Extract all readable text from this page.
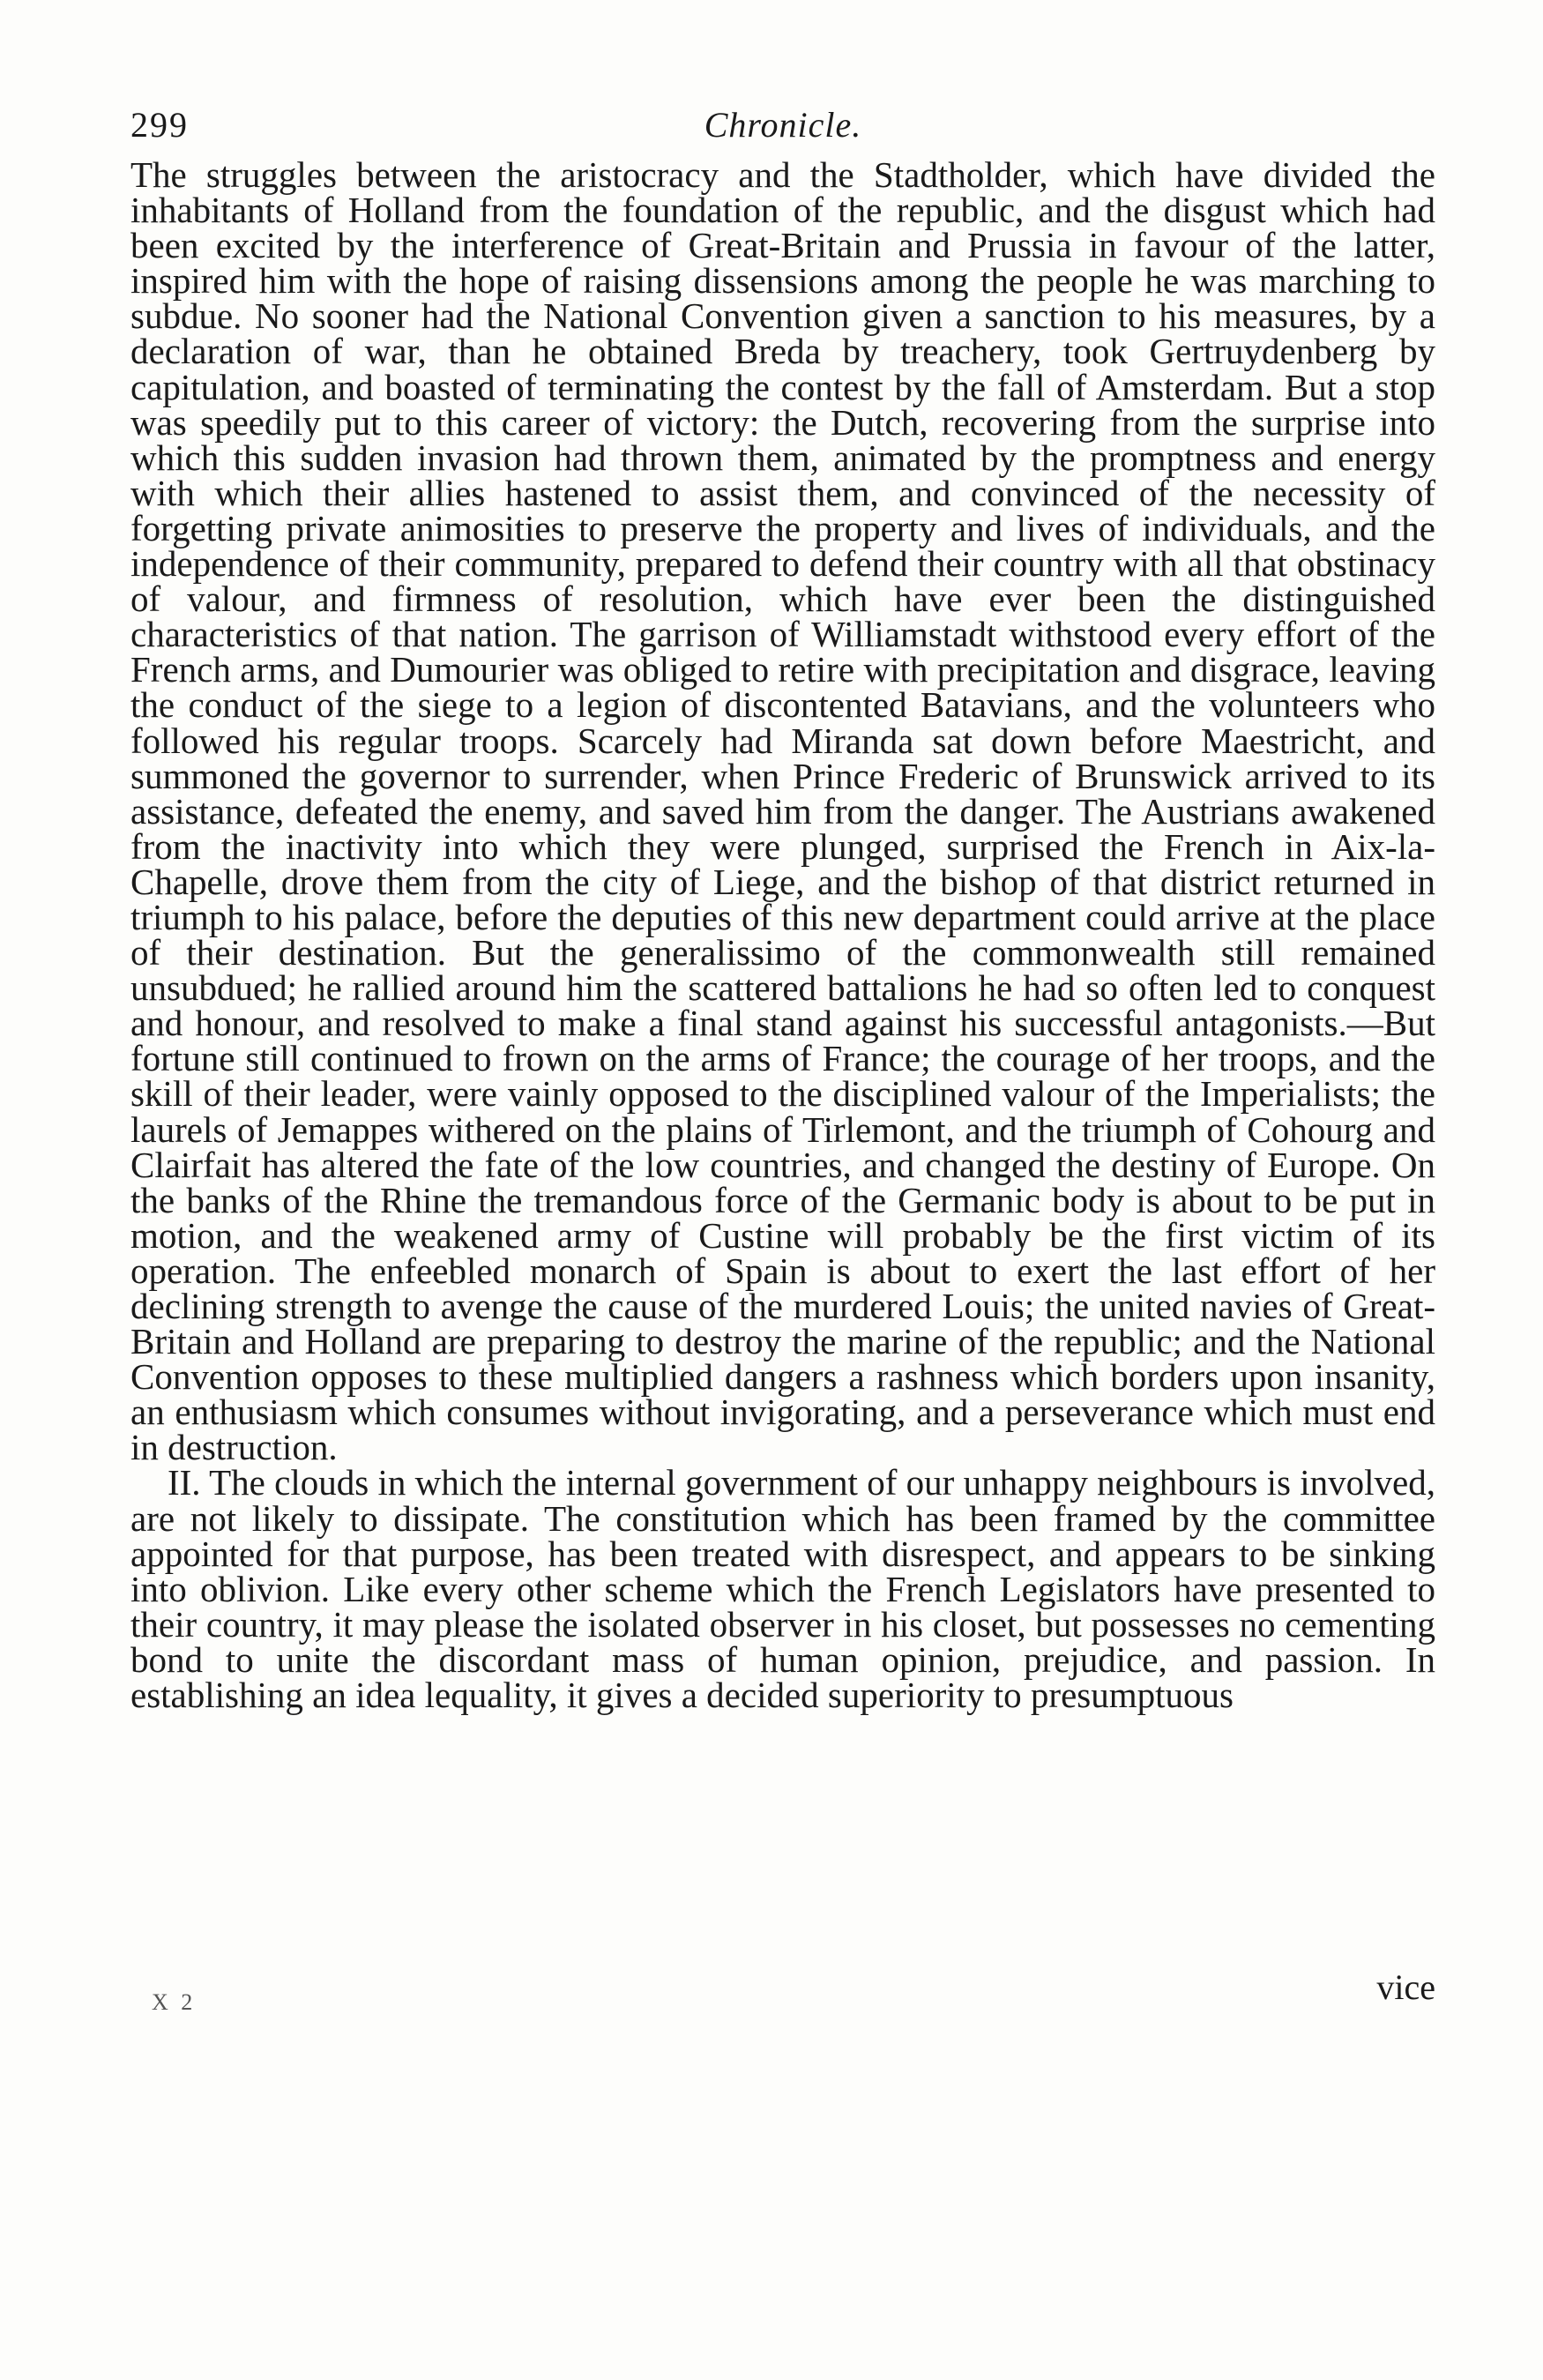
299	Chronicle.

The struggles between the aristocracy and the Stadtholder, which have divided the inhabitants of Holland from the foundation of the republic, and the disgust which had been excited by the interference of Great-Britain and Prussia in favour of the latter, inspired him with the hope of raising dissensions among the people he was marching to subdue. No sooner had the National Convention given a sanction to his measures, by a declaration of war, than he obtained Breda by treachery, took Gertruydenberg by capitulation, and boasted of terminating the contest by the fall of Amsterdam. But a stop was speedily put to this career of victory: the Dutch, recovering from the surprise into which this sudden invasion had thrown them, animated by the promptness and energy with which their allies hastened to assist them, and convinced of the necessity of forgetting private animosities to preserve the property and lives of individuals, and the independence of their community, prepared to defend their country with all that obstinacy of valour, and firmness of resolution, which have ever been the distinguished characteristics of that nation. The garrison of Williamstadt withstood every effort of the French arms, and Dumourier was obliged to retire with precipitation and disgrace, leaving the conduct of the siege to a legion of discontented Batavians, and the volunteers who followed his regular troops. Scarcely had Miranda sat down before Maestricht, and summoned the governor to surrender, when Prince Frederic of Brunswick arrived to its assistance, defeated the enemy, and saved him from the danger. The Austrians awakened from the inactivity into which they were plunged, surprised the French in Aix-la-Chapelle, drove them from the city of Liege, and the bishop of that district returned in triumph to his palace, before the deputies of this new department could arrive at the place of their destination. But the generalissimo of the commonwealth still remained unsubdued; he rallied around him the scattered battalions he had so often led to conquest and honour, and resolved to make a final stand against his successful antagonists.—But fortune still continued to frown on the arms of France; the courage of her troops, and the skill of their leader, were vainly opposed to the disciplined valour of the Imperialists; the laurels of Jemappes withered on the plains of Tirlemont, and the triumph of Cohourg and Clairfait has altered the fate of the low countries, and changed the destiny of Europe. On the banks of the Rhine the tremandous force of the Germanic body is about to be put in motion, and the weakened army of Custine will probably be the first victim of its operation. The enfeebled monarch of Spain is about to exert the last effort of her declining strength to avenge the cause of the murdered Louis; the united navies of Great-Britain and Holland are preparing to destroy the marine of the republic; and the National Convention opposes to these multiplied dangers a rashness which borders upon insanity, an enthusiasm which consumes without invigorating, and a perseverance which must end in destruction.

II. The clouds in which the internal government of our unhappy neighbours is involved, are not likely to dissipate. The constitution which has been framed by the committee appointed for that purpose, has been treated with disrespect, and appears to be sinking into oblivion. Like every other scheme which the French Legislators have presented to their country, it may please the isolated observer in his closet, but possesses no cementing bond to unite the discordant mass of human opinion, prejudice, and passion. In establishing an idea lequality, it gives a decided superiority to presumptuous

vice
X 2
